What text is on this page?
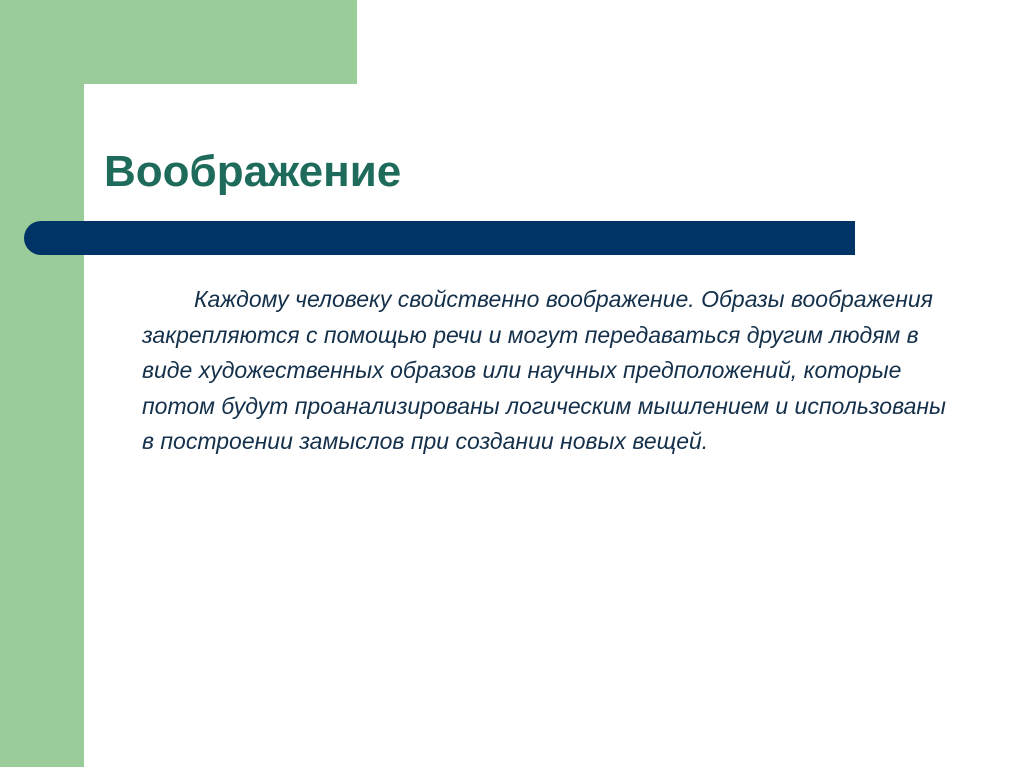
Воображение

Каждому человеку свойственно воображение. Образы воображения закрепляются с помощью речи и могут передаваться другим людям в виде художественных образов или научных предположений, которые потом будут проанализированы логическим мышлением и использованы в построении замыслов при создании новых вещей.
